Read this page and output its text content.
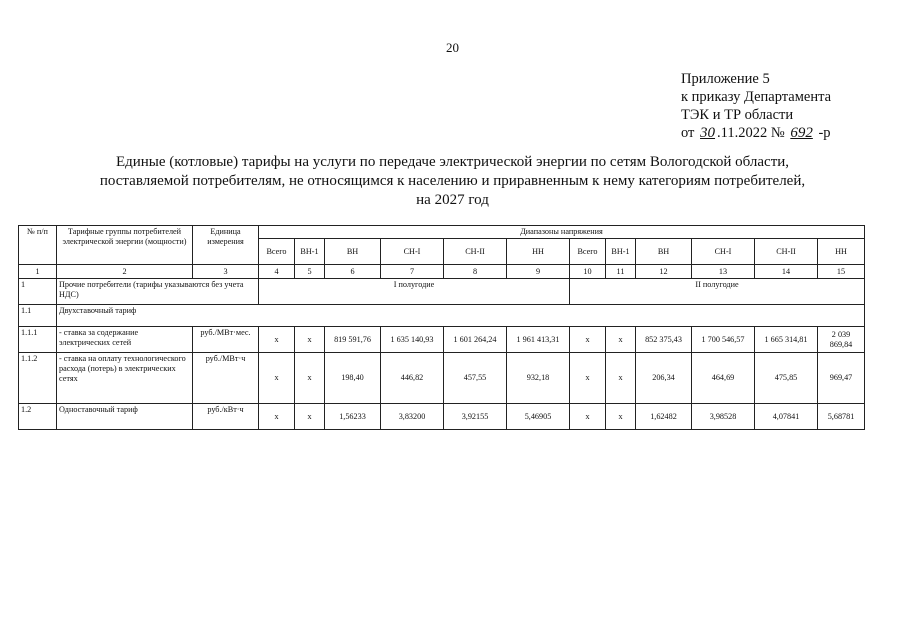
20
Приложение 5
к приказу Департамента
ТЭК и ТР области
от 30 .11.2022 № 692 -р
Единые (котловые) тарифы на услуги по передаче электрической энергии по сетям Вологодской области,
поставляемой потребителям, не относящимся к населению и приравненным к нему категориям потребителей,
на 2027 год
№ п/п	Тарифные группы потребителей электрической энергии (мощности)	Единица измерения	Диапазоны напряжения											
			Всего	ВН-1	ВН	СН-I	СН-II	НН	Всего	ВН-1	ВН	СН-I	СН-II	НН
1	2	3	4	5	6	7	8	9	10	11	12	13	14	15
1	Прочие потребители (тарифы указываются без учета НДС)		I полугодие						II полугодие					
1.1	Двухставочный тариф													
1.1.1	- ставка за содержание электрических сетей	руб./МВт·мес.	x	x	819 591,76	1 635 140,93	1 601 264,24	1 961 413,31	x	x	852 375,43	1 700 546,57	1 665 314,81	2 039 869,84
1.1.2	- ставка на оплату технологического расхода (потерь) в электрических сетях	руб./МВт·ч	x	x	198,40	446,82	457,55	932,18	x	x	206,34	464,69	475,85	969,47
1.2	Одноставочный тариф	руб./кВт·ч	x	x	1,56233	3,83200	3,92155	5,46905	x	x	1,62482	3,98528	4,07841	5,68781
